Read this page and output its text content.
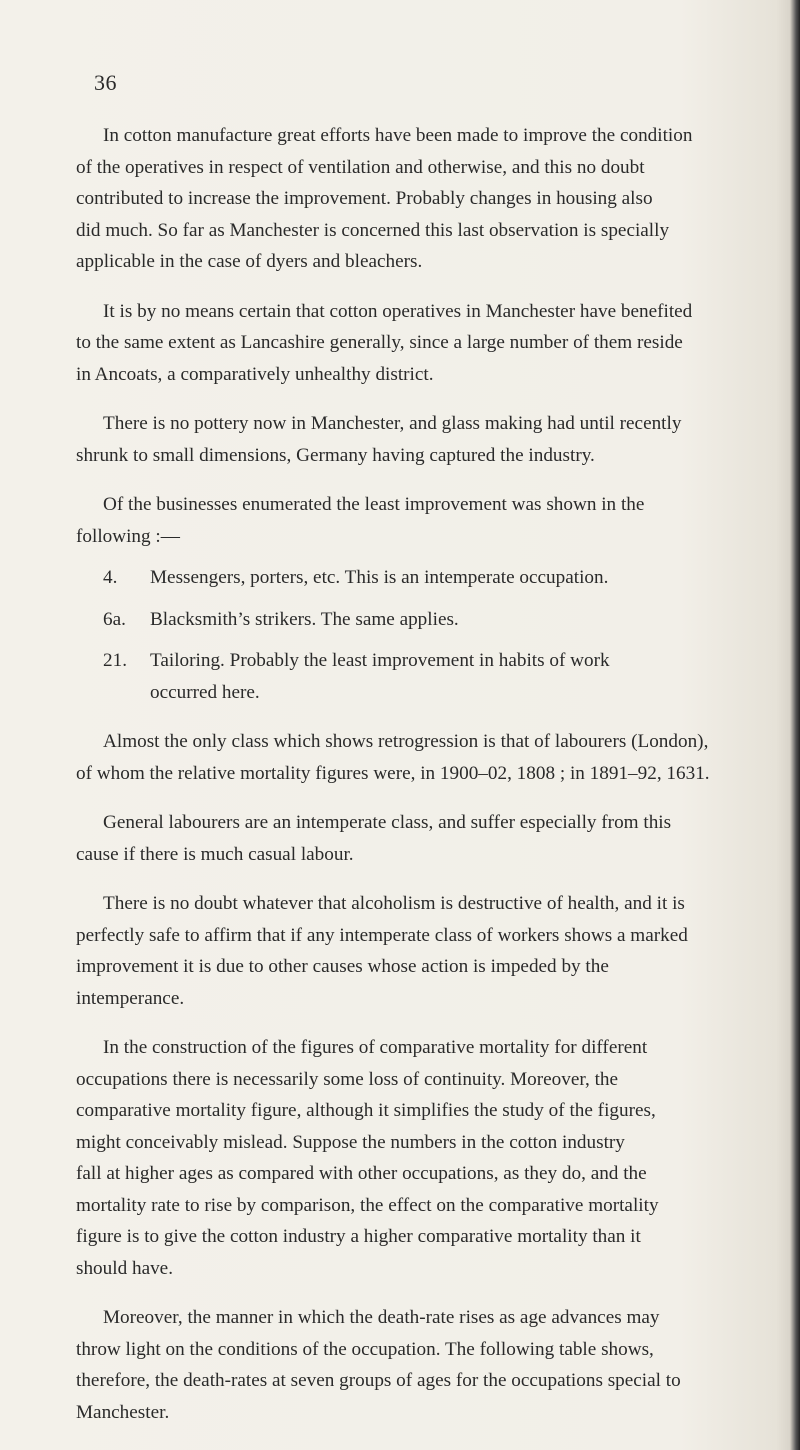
36

In cotton manufacture great efforts have been made to improve the condition
of the operatives in respect of ventilation and otherwise, and this no doubt
contributed to increase the improvement. Probably changes in housing also
did much. So far as Manchester is concerned this last observation is specially
applicable in the case of dyers and bleachers.

It is by no means certain that cotton operatives in Manchester have benefited
to the same extent as Lancashire generally, since a large number of them reside
in Ancoats, a comparatively unhealthy district.

There is no pottery now in Manchester, and glass making had until recently
shrunk to small dimensions, Germany having captured the industry.

Of the businesses enumerated the least improvement was shown in the
following :—

4. Messengers, porters, etc. This is an intemperate occupation.
6a. Blacksmith’s strikers. The same applies.
21. Tailoring. Probably the least improvement in habits of work
occurred here.

Almost the only class which shows retrogression is that of labourers (London),
of whom the relative mortality figures were, in 1900–02, 1808 ; in 1891–92, 1631.

General labourers are an intemperate class, and suffer especially from this
cause if there is much casual labour.

There is no doubt whatever that alcoholism is destructive of health, and it is
perfectly safe to affirm that if any intemperate class of workers shows a marked
improvement it is due to other causes whose action is impeded by the
intemperance.

In the construction of the figures of comparative mortality for different
occupations there is necessarily some loss of continuity. Moreover, the
comparative mortality figure, although it simplifies the study of the figures,
might conceivably mislead. Suppose the numbers in the cotton industry
fall at higher ages as compared with other occupations, as they do, and the
mortality rate to rise by comparison, the effect on the comparative mortality
figure is to give the cotton industry a higher comparative mortality than it
should have.

Moreover, the manner in which the death-rate rises as age advances may
throw light on the conditions of the occupation. The following table shows,
therefore, the death-rates at seven groups of ages for the occupations special to
Manchester.
